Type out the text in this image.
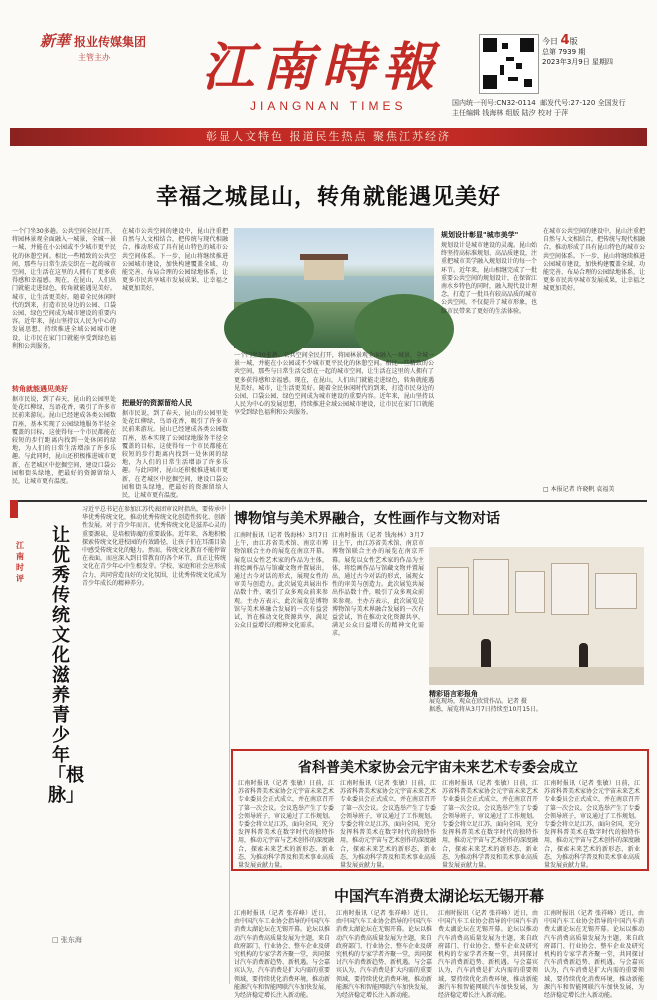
新華 报业传媒集团
主管主办	江南時報
JIANGNAN TIMES
今日 4版
总第 7939 期
2023年3月9日 星期四
国内统一刊号:CN32-0114 邮发代号:27-120 全国发行
主任编辑 钱海林 组版 陆汐 校对 于萍
彰显人文特色 报道民生热点 聚焦江苏经济
幸福之城昆山，转角就能遇见美好
一个门坐30多趟。公共空间全民打开，将园林景观全面融入一城景，全城一景一城，并能在小公园或不少城市更平民化的休憩空间。相比一些精致的公共空间，那些与日常生活交织在一起的城市空间，让生活在这里的人拥有了更多获得感和幸福感。现在，在昆山，人们出门就能走进绿色，转角就能遇见美好。城市，让生活更美好。随着全民休闲时代的到来，打造市民身边的公园、口袋公园、绿色空间成为城市建设的重要内容。近年来，昆山坚持以人民为中心的发展思想，持续推进全域公园城市建设，让市民在家门口就能享受到绿色福利和公共服务。
转角就能遇见美好
据市民说，到了春天，昆山的公园里处处花红柳绿，鸟语花香，吸引了许多市民前来游玩。昆山已经建成各类公园数百座，基本实现了公园绿地服务半径全覆盖的目标，这使得每一个市民都能在较短的步行距离内找到一处休闲的绿地，为人们的日常生活增添了许多乐趣。与此同时，昆山还积极推进城市更新，在老城区中挖掘空间，建设口袋公园和街头绿地，把最好的资源留给人民，让城市更有温度。
在城市公共空间的建设中，昆山注重把自然与人文相结合，把传统与现代相融合，推动形成了具有昆山特色的城市公共空间体系。下一步，昆山将继续推进公园城市建设，加快构建覆盖全域、功能完善、布局合理的公园绿地体系，让更多市民共享城市发展成果，让幸福之城更加美好。
把最好的资源留给人民
据市民说，到了春天，昆山的公园里处处花红柳绿，鸟语花香，吸引了许多市民前来游玩。昆山已经建成各类公园数百座，基本实现了公园绿地服务半径全覆盖的目标，这使得每一个市民都能在较短的步行距离内找到一处休闲的绿地，为人们的日常生活增添了许多乐趣。与此同时，昆山还积极推进城市更新，在老城区中挖掘空间，建设口袋公园和街头绿地，把最好的资源留给人民，让城市更有温度。
一个门坐30多趟。公共空间全民打开，将园林景观全面融入一城景，全城一景一城，并能在小公园或不少城市更平民化的休憩空间。相比一些精致的公共空间，那些与日常生活交织在一起的城市空间，让生活在这里的人拥有了更多获得感和幸福感。现在，在昆山，人们出门就能走进绿色，转角就能遇见美好。城市，让生活更美好。随着全民休闲时代的到来，打造市民身边的公园、口袋公园、绿色空间成为城市建设的重要内容。近年来，昆山坚持以人民为中心的发展思想，持续推进全域公园城市建设，让市民在家门口就能享受到绿色福利和公共服务。
规划设计彰显"城市美学"
规划设计是城市建设的灵魂。昆山始终坚持高标准规划、高品质建设，注重把城市美学融入规划设计的每一个环节。近年来，昆山相继完成了一批重要公共空间的规划设计，在保留江南水乡特色的同时，融入现代设计理念，打造了一批具有较高品质的城市公共空间，不仅提升了城市形象，也给市民带来了更好的生活体验。
在城市公共空间的建设中，昆山注重把自然与人文相结合，把传统与现代相融合，推动形成了具有昆山特色的城市公共空间体系。下一步，昆山将继续推进公园城市建设，加快构建覆盖全域、功能完善、布局合理的公园绿地体系，让更多市民共享城市发展成果，让幸福之城更加美好。
□ 本报记者 许晓帆 袁福美
江南时评
让优秀传统文化滋养青少年「根脉」
□ 张东海
习近平总书记在参加江苏代表团审议时指出，要传承中华优秀传统文化，推动优秀传统文化创造性转化、创新性发展。对于青少年而言，优秀传统文化是滋养心灵的重要源泉，是培根铸魂的重要载体。近年来，各地积极探索传统文化进校园的有效路径，让孩子们在耳濡目染中感受传统文化的魅力。然而，传统文化教育不能停留在表面，而应深入到日常教育的各个环节，真正让传统文化在青少年心中生根发芽。学校、家庭和社会应形成合力，共同营造良好的文化氛围，让优秀传统文化成为青少年成长的精神养分。
博物馆与美术界融合，女性画作与文物对话
江南时报讯（记者 钱海林）3月7日上午，由江苏省美术馆、南京市博物馆联合主办的展览在南京开幕。展览以女性艺术家的作品为主体，将绘画作品与馆藏文物并置展出，通过古今对话的形式，展现女性的审美与创造力。此次展览共展出作品数十件，吸引了众多观众前来参观。主办方表示，此次展览是博物馆与美术界融合发展的一次有益尝试，旨在推动文化资源共享，满足公众日益增长的精神文化需求。
江南时报讯（记者 钱海林）3月7日上午，由江苏省美术馆、南京市博物馆联合主办的展览在南京开幕。展览以女性艺术家的作品为主体，将绘画作品与馆藏文物并置展出，通过古今对话的形式，展现女性的审美与创造力。此次展览共展出作品数十件，吸引了众多观众前来参观。主办方表示，此次展览是博物馆与美术界融合发展的一次有益尝试，旨在推动文化资源共享，满足公众日益增长的精神文化需求。
精彩语言彩报角
展览现场，观众在欣赏作品。记者 摄
据悉，展览将从3月7日持续至10月15日。
省科普美术家协会元宇宙未来艺术专委会成立
江南时报讯（记者 张敏）日前，江苏省科普美术家协会元宇宙未来艺术专业委员会正式成立，并在南京召开了第一次会议。会议选举产生了专委会领导班子，审议通过了工作规划。专委会将立足江苏，面向全国，充分发挥科普美术在数字时代的独特作用，推动元宇宙与艺术创作的深度融合，探索未来艺术的新形态、新业态，为推动科学普及和美术事业高质量发展贡献力量。
江南时报讯（记者 张敏）日前，江苏省科普美术家协会元宇宙未来艺术专业委员会正式成立，并在南京召开了第一次会议。会议选举产生了专委会领导班子，审议通过了工作规划。专委会将立足江苏，面向全国，充分发挥科普美术在数字时代的独特作用，推动元宇宙与艺术创作的深度融合，探索未来艺术的新形态、新业态，为推动科学普及和美术事业高质量发展贡献力量。
江南时报讯（记者 张敏）日前，江苏省科普美术家协会元宇宙未来艺术专业委员会正式成立，并在南京召开了第一次会议。会议选举产生了专委会领导班子，审议通过了工作规划。专委会将立足江苏，面向全国，充分发挥科普美术在数字时代的独特作用，推动元宇宙与艺术创作的深度融合，探索未来艺术的新形态、新业态，为推动科学普及和美术事业高质量发展贡献力量。
江南时报讯（记者 张敏）日前，江苏省科普美术家协会元宇宙未来艺术专业委员会正式成立，并在南京召开了第一次会议。会议选举产生了专委会领导班子，审议通过了工作规划。专委会将立足江苏，面向全国，充分发挥科普美术在数字时代的独特作用，推动元宇宙与艺术创作的深度融合，探索未来艺术的新形态、新业态，为推动科学普及和美术事业高质量发展贡献力量。
中国汽车消费太湖论坛无锡开幕
江南时报讯（记者 张祥峰）近日，由中国汽车工业协会指导的中国汽车消费太湖论坛在无锡开幕。论坛以推动汽车消费高质量发展为主题，来自政府部门、行业协会、整车企业及研究机构的专家学者齐聚一堂，共同探讨汽车消费新趋势、新机遇。与会嘉宾认为，汽车消费是扩大内需的重要领域，要持续优化消费环境，推动新能源汽车和智能网联汽车加快发展，为经济稳定增长注入新动能。
江南时报讯（记者 张祥峰）近日，由中国汽车工业协会指导的中国汽车消费太湖论坛在无锡开幕。论坛以推动汽车消费高质量发展为主题，来自政府部门、行业协会、整车企业及研究机构的专家学者齐聚一堂，共同探讨汽车消费新趋势、新机遇。与会嘉宾认为，汽车消费是扩大内需的重要领域，要持续优化消费环境，推动新能源汽车和智能网联汽车加快发展，为经济稳定增长注入新动能。
江南时报讯（记者 张祥峰）近日，由中国汽车工业协会指导的中国汽车消费太湖论坛在无锡开幕。论坛以推动汽车消费高质量发展为主题，来自政府部门、行业协会、整车企业及研究机构的专家学者齐聚一堂，共同探讨汽车消费新趋势、新机遇。与会嘉宾认为，汽车消费是扩大内需的重要领域，要持续优化消费环境，推动新能源汽车和智能网联汽车加快发展，为经济稳定增长注入新动能。
江南时报讯（记者 张祥峰）近日，由中国汽车工业协会指导的中国汽车消费太湖论坛在无锡开幕。论坛以推动汽车消费高质量发展为主题，来自政府部门、行业协会、整车企业及研究机构的专家学者齐聚一堂，共同探讨汽车消费新趋势、新机遇。与会嘉宾认为，汽车消费是扩大内需的重要领域，要持续优化消费环境，推动新能源汽车和智能网联汽车加快发展，为经济稳定增长注入新动能。
